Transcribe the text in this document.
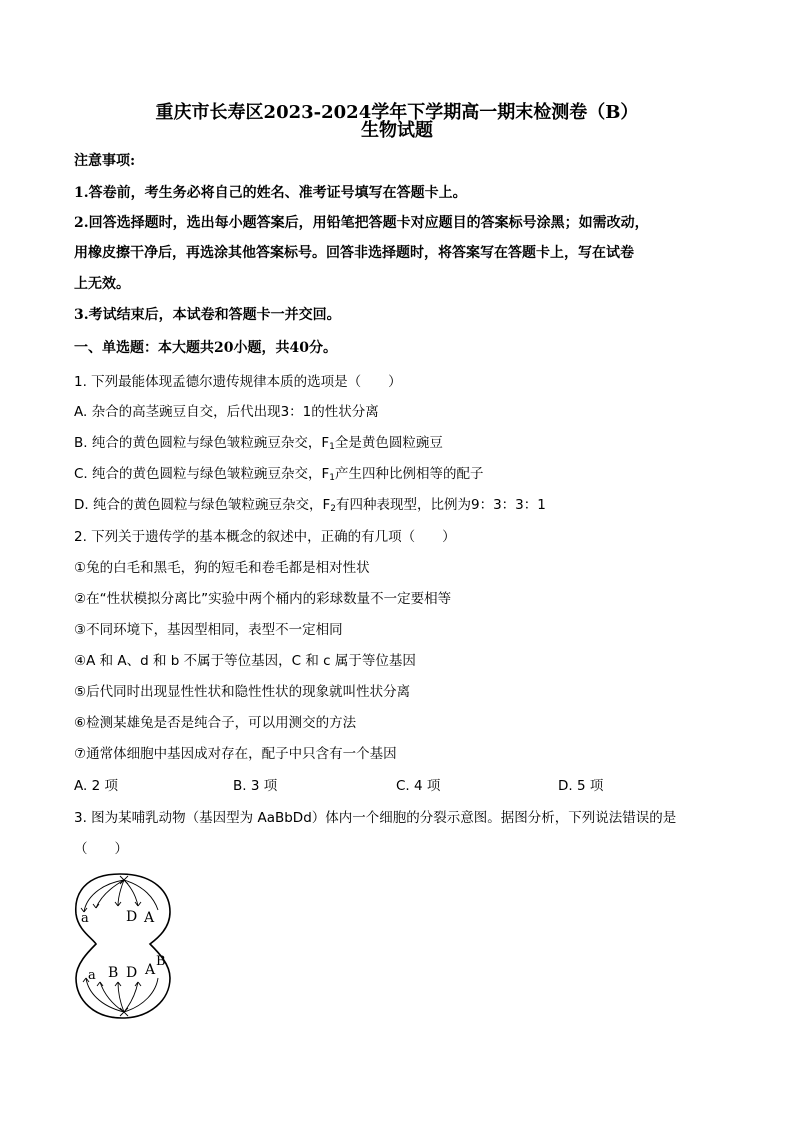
重庆市长寿区2023-2024学年下学期高一期末检测卷（B）
生物试题
注意事项:
1.答卷前，考生务必将自己的姓名、准考证号填写在答题卡上。
2.回答选择题时，选出每小题答案后，用铅笔把答题卡对应题目的答案标号涂黑；如需改动，
用橡皮擦干净后，再选涂其他答案标号。回答非选择题时，将答案写在答题卡上，写在试卷
上无效。
3.考试结束后，本试卷和答题卡一并交回。
一、单选题：本大题共20小题，共40分。
1. 下列最能体现孟德尔遗传规律本质的选项是（　　）
A. 杂合的高茎豌豆自交，后代出现3：1的性状分离
B. 纯合的黄色圆粒与绿色皱粒豌豆杂交，$F_1$全是黄色圆粒豌豆
C. 纯合的黄色圆粒与绿色皱粒豌豆杂交，$F_1$产生四种比例相等的配子
D. 纯合的黄色圆粒与绿色皱粒豌豆杂交，$F_2$有四种表现型，比例为9：3：3：1
2. 下列关于遗传学的基本概念的叙述中，正确的有几项（　　）
①兔的白毛和黑毛，狗的短毛和卷毛都是相对性状
②在“性状模拟分离比”实验中两个桶内的彩球数量不一定要相等
③不同环境下，基因型相同，表型不一定相同
④A 和 A、d 和 b 不属于等位基因，C 和 c 属于等位基因
⑤后代同时出现显性性状和隐性性状的现象就叫性状分离
⑥检测某雄兔是否是纯合子，可以用测交的方法
⑦通常体细胞中基因成对存在，配子中只含有一个基因
A. 2 项	B. 3 项	C. 4 项	D. 5 项
3. 图为某哺乳动物（基因型为 AaBbDd）体内一个细胞的分裂示意图。据图分析，下列说法错误的是
（　　）
a	D A
a B D A
B
